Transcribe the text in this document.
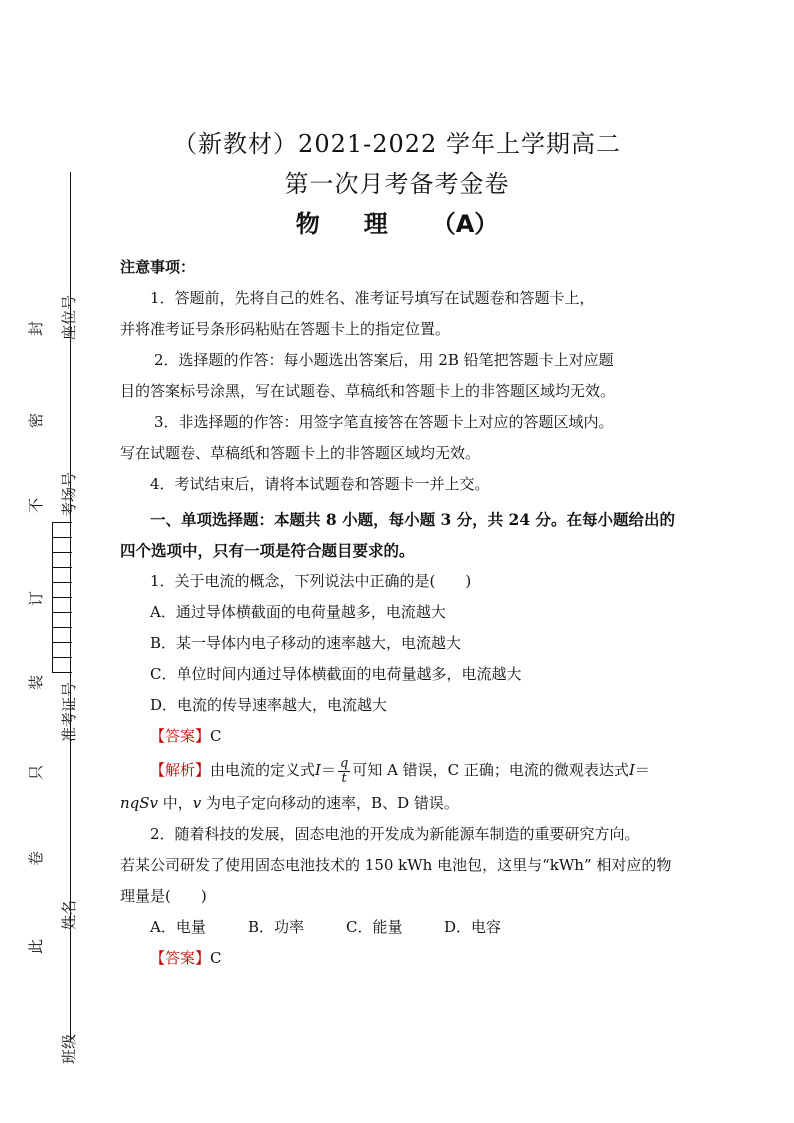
（新教材）2021-2022 学年上学期高二
第一次月考备考金卷
物 理 （A）
座位号
考场号
准考证号
姓名
班级
封
密
不
订
装
只
卷
此
注意事项：
1．答题前，先将自己的姓名、准考证号填写在试题卷和答题卡上，
并将准考证号条形码粘贴在答题卡上的指定位置。
2．选择题的作答：每小题选出答案后，用 2B 铅笔把答题卡上对应题
目的答案标号涂黑，写在试题卷、草稿纸和答题卡上的非答题区域均无效。
3．非选择题的作答：用签字笔直接答在答题卡上对应的答题区域内。
写在试题卷、草稿纸和答题卡上的非答题区域均无效。
4．考试结束后，请将本试题卷和答题卡一并上交。
一、单项选择题：本题共 8 小题，每小题 3 分，共 24 分。在每小题给出的
四个选项中，只有一项是符合题目要求的。
1．关于电流的概念，下列说法中正确的是(　　)
A．通过导体横截面的电荷量越多，电流越大
B．某一导体内电子移动的速率越大，电流越大
C．单位时间内通过导体横截面的电荷量越多，电流越大
D．电流的传导速率越大，电流越大
【答案】C
【解析】由电流的定义式$I= \frac{q}{t}$ 可知 A 错误，C 正确；电流的微观表达式I＝
nqSv 中，v 为电子定向移动的速率，B、D 错误。
2．随着科技的发展，固态电池的开发成为新能源车制造的重要研究方向。
若某公司研发了使用固态电池技术的 150 kWh 电池包，这里与“kWh” 相对应的物
理量是(　　)
A．电量	B．功率	C．能量	D．电容
【答案】C
